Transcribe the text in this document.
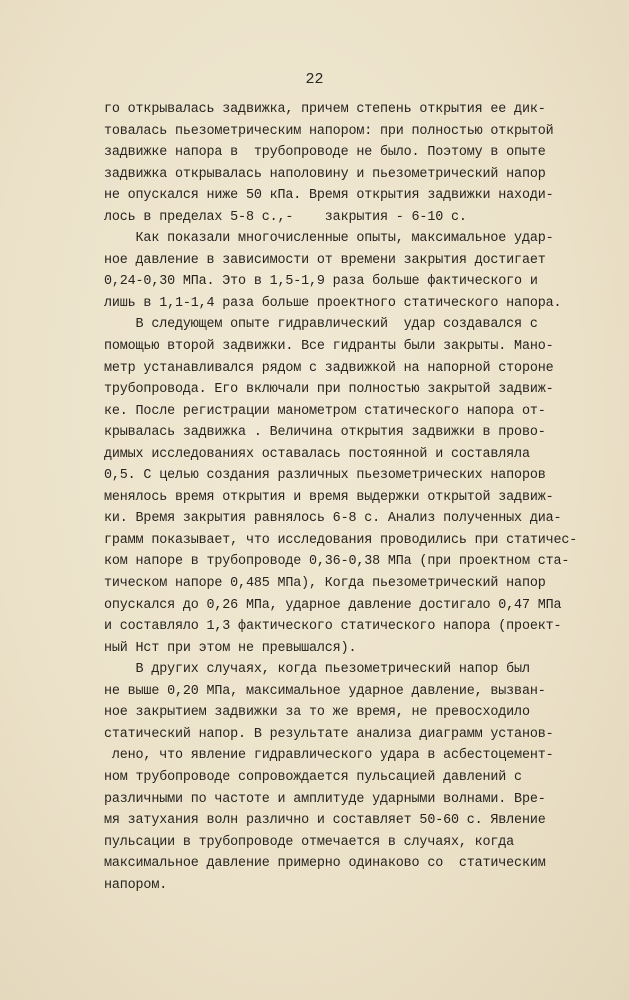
22
го открывалась задвижка, причем степень открытия ее дик-
товалась пьезометрическим напором: при полностью открытой
задвижке напора в  трубопроводе не было. Поэтому в опыте
задвижка открывалась наполовину и пьезометрический напор
не опускался ниже 50 кПа. Время открытия задвижки находи-
лось в пределах 5-8 с.,-    закрытия - 6-10 с.
Как показали многочисленные опыты, максимальное удар-
ное давление в зависимости от времени закрытия достигает
0,24-0,30 МПа. Это в 1,5-1,9 раза больше фактического и
лишь в 1,1-1,4 раза больше проектного статического напора.
В следующем опыте гидравлический  удар создавался с
помощью второй задвижки. Все гидранты были закрыты. Мано-
метр устанавливался рядом с задвижкой на напорной стороне
трубопровода. Его включали при полностью закрытой задвиж-
ке. После регистрации манометром статического напора от-
крывалась задвижка . Величина открытия задвижки в прово-
димых исследованиях оставалась постоянной и составляла
0,5. С целью создания различных пьезометрических напоров
менялось время открытия и время выдержки открытой задвиж-
ки. Время закрытия равнялось 6-8 с. Анализ полученных диа-
грамм показывает, что исследования проводились при статичес-
ком напоре в трубопроводе 0,36-0,38 МПа (при проектном ста-
тическом напоре 0,485 МПа), Когда пьезометрический напор
опускался до 0,26 МПа, ударное давление достигало 0,47 МПа
и составляло 1,3 фактического статического напора (проект-
ный Hст при этом не превышался).
В других случаях, когда пьезометрический напор был
не выше 0,20 МПа, максимальное ударное давление, вызван-
ное закрытием задвижки за то же время, не превосходило
статический напор. В результате анализа диаграмм установ-
лено, что явление гидравлического удара в асбестоцемент-
ном трубопроводе сопровождается пульсацией давлений с
различными по частоте и амплитуде ударными волнами. Вре-
мя затухания волн различно и составляет 50-60 с. Явление
пульсации в трубопроводе отмечается в случаях, когда
максимальное давление примерно одинаково со  статическим
напором.
